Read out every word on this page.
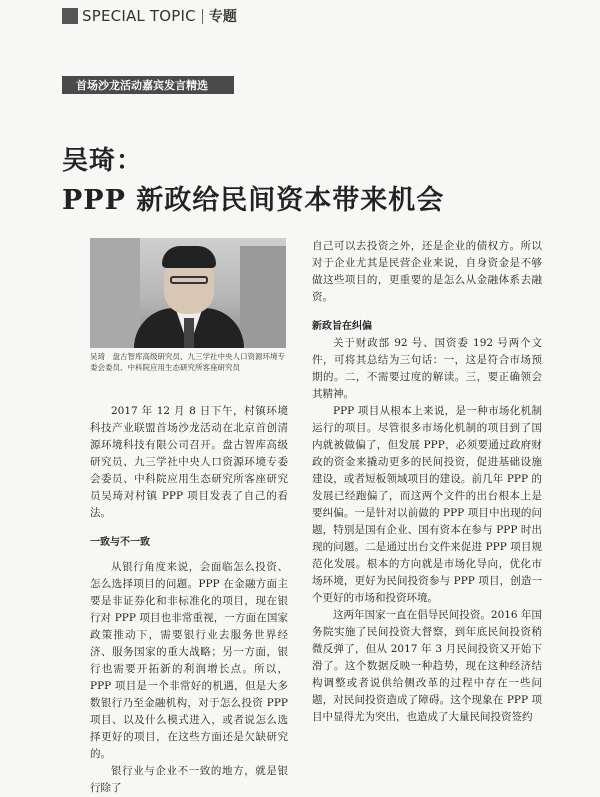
SPECIAL TOPIC 专题
首场沙龙活动嘉宾发言精选
吴琦：
PPP 新政给民间资本带来机会
吴琦　盘古智库高级研究员、九三学社中央人口资源环境专委会委员、中科院应用生态研究所客座研究员

2017 年 12 月 8 日下午，村镇环境科技产业联盟首场沙龙活动在北京首创清源环境科技有限公司召开。盘古智库高级研究员、九三学社中央人口资源环境专委会委员、中科院应用生态研究所客座研究员吴琦对村镇 PPP 项目发表了自己的看法。

一致与不一致

从银行角度来说，会面临怎么投资、怎么选择项目的问题。PPP 在金融方面主要是非证券化和非标准化的项目，现在银行对 PPP 项目也非常重视，一方面在国家政策推动下，需要银行业去服务世界经济、服务国家的重大战略；另一方面，银行也需要开拓新的利润增长点。所以，PPP 项目是一个非常好的机遇，但是大多数银行乃至金融机构，对于怎么投资 PPP 项目、以及什么模式进入，或者说怎么选择更好的项目，在这些方面还是欠缺研究的。

银行业与企业不一致的地方，就是银行除了

自己可以去投资之外，还是企业的债权方。所以对于企业尤其是民营企业来说，自身资金是不够做这些项目的，更重要的是怎么从金融体系去融资。

新政旨在纠偏

关于财政部 92 号、国资委 192 号两个文件，可将其总结为三句话：一，这是符合市场预期的。二，不需要过度的解读。三，要正确领会其精神。

PPP 项目从根本上来说，是一种市场化机制运行的项目。尽管很多市场化机制的项目到了国内就被做偏了，但发展 PPP，必须要通过政府财政的资金来撬动更多的民间投资，促进基础设施建设，或者短板领域项目的建设。前几年 PPP 的发展已经跑偏了，而这两个文件的出台根本上是要纠偏。一是针对以前做的 PPP 项目中出现的问题，特别是国有企业、国有资本在参与 PPP 时出现的问题。二是通过出台文件来促进 PPP 项目规范化发展。根本的方向就是市场化导向，优化市场环境，更好为民间投资参与 PPP 项目，创造一个更好的市场和投资环境。

这两年国家一直在倡导民间投资。2016 年国务院实施了民间投资大督察，到年底民间投资稍微反弹了，但从 2017 年 3 月民间投资又开始下滑了。这个数据反映一种趋势，现在这种经济结构调整或者说供给侧改革的过程中存在一些问题，对民间投资造成了障碍。这个现象在 PPP 项目中显得尤为突出，也造成了大量民间投资签约
